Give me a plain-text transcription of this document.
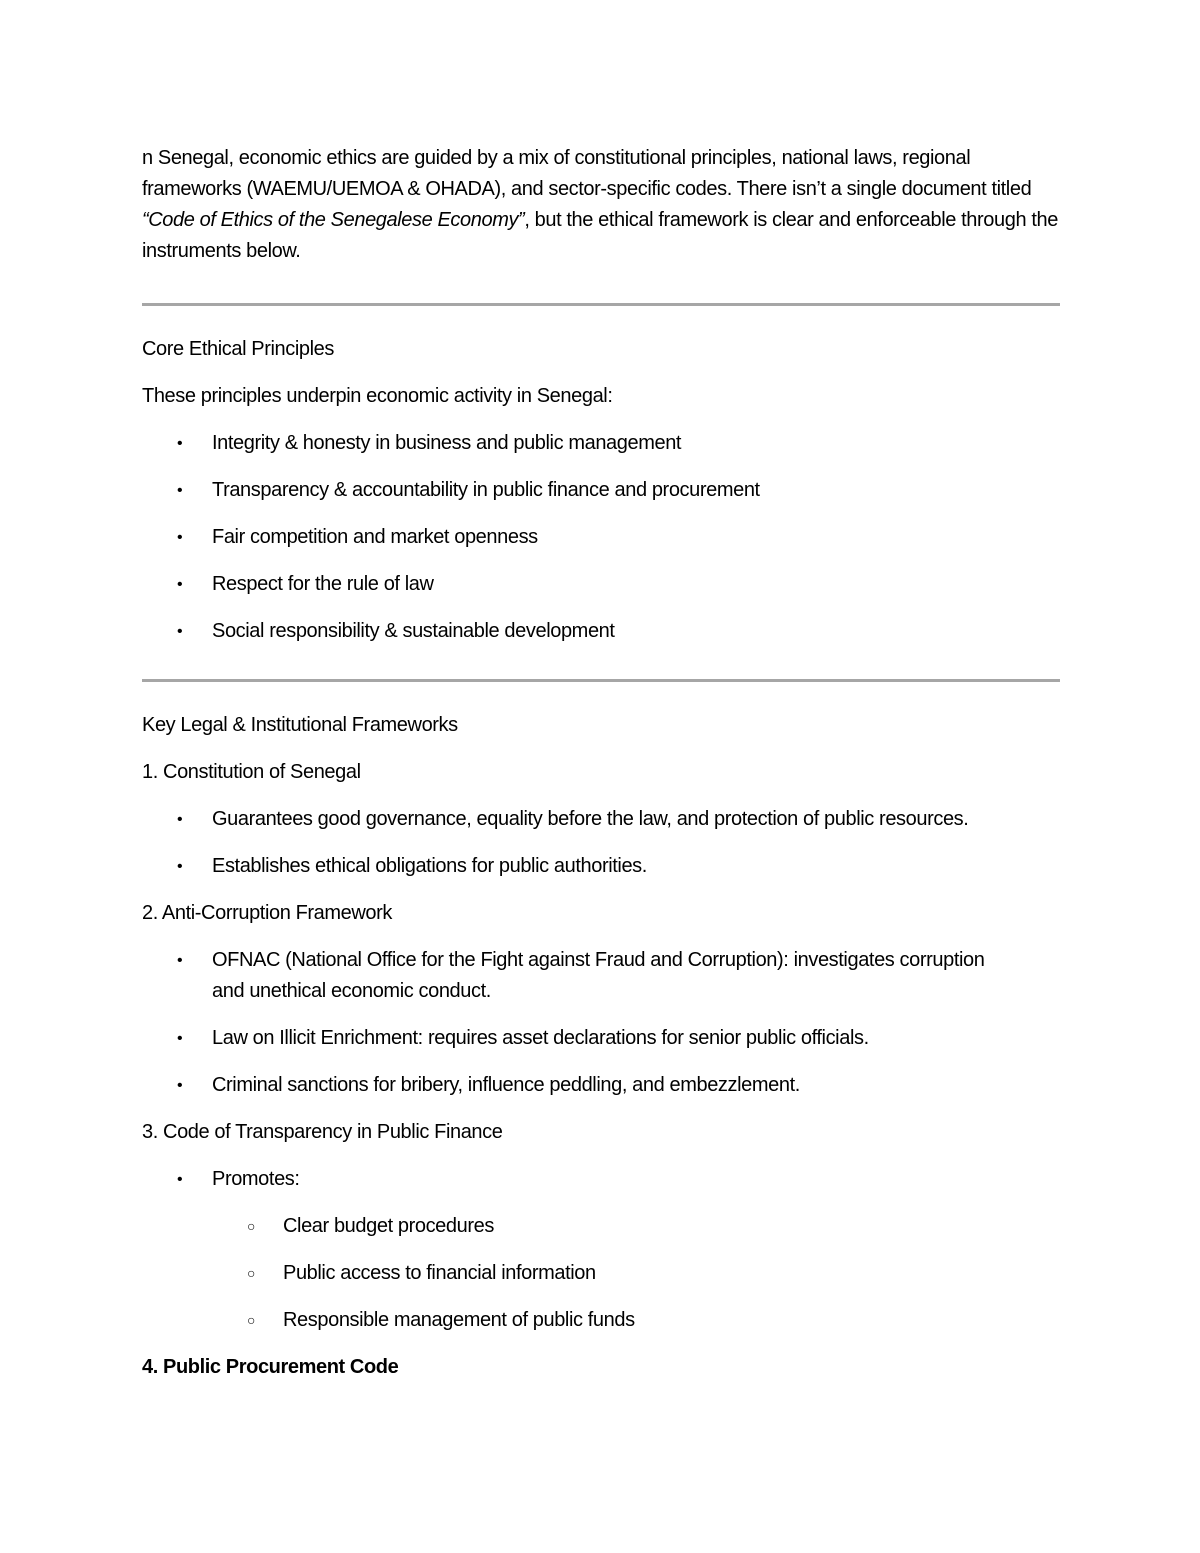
n Senegal, economic ethics are guided by a mix of constitutional principles, national laws, regional frameworks (WAEMU/UEMOA & OHADA), and sector-specific codes. There isn’t a single document titled “Code of Ethics of the Senegalese Economy”, but the ethical framework is clear and enforceable through the instruments below.

Core Ethical Principles

These principles underpin economic activity in Senegal:

• Integrity & honesty in business and public management
• Transparency & accountability in public finance and procurement
• Fair competition and market openness
• Respect for the rule of law
• Social responsibility & sustainable development

Key Legal & Institutional Frameworks

1. Constitution of Senegal

• Guarantees good governance, equality before the law, and protection of public resources.
• Establishes ethical obligations for public authorities.

2. Anti-Corruption Framework

• OFNAC (National Office for the Fight against Fraud and Corruption): investigates corruption and unethical economic conduct.
• Law on Illicit Enrichment: requires asset declarations for senior public officials.
• Criminal sanctions for bribery, influence peddling, and embezzlement.

3. Code of Transparency in Public Finance

• Promotes:
○ Clear budget procedures
○ Public access to financial information
○ Responsible management of public funds

4. Public Procurement Code
